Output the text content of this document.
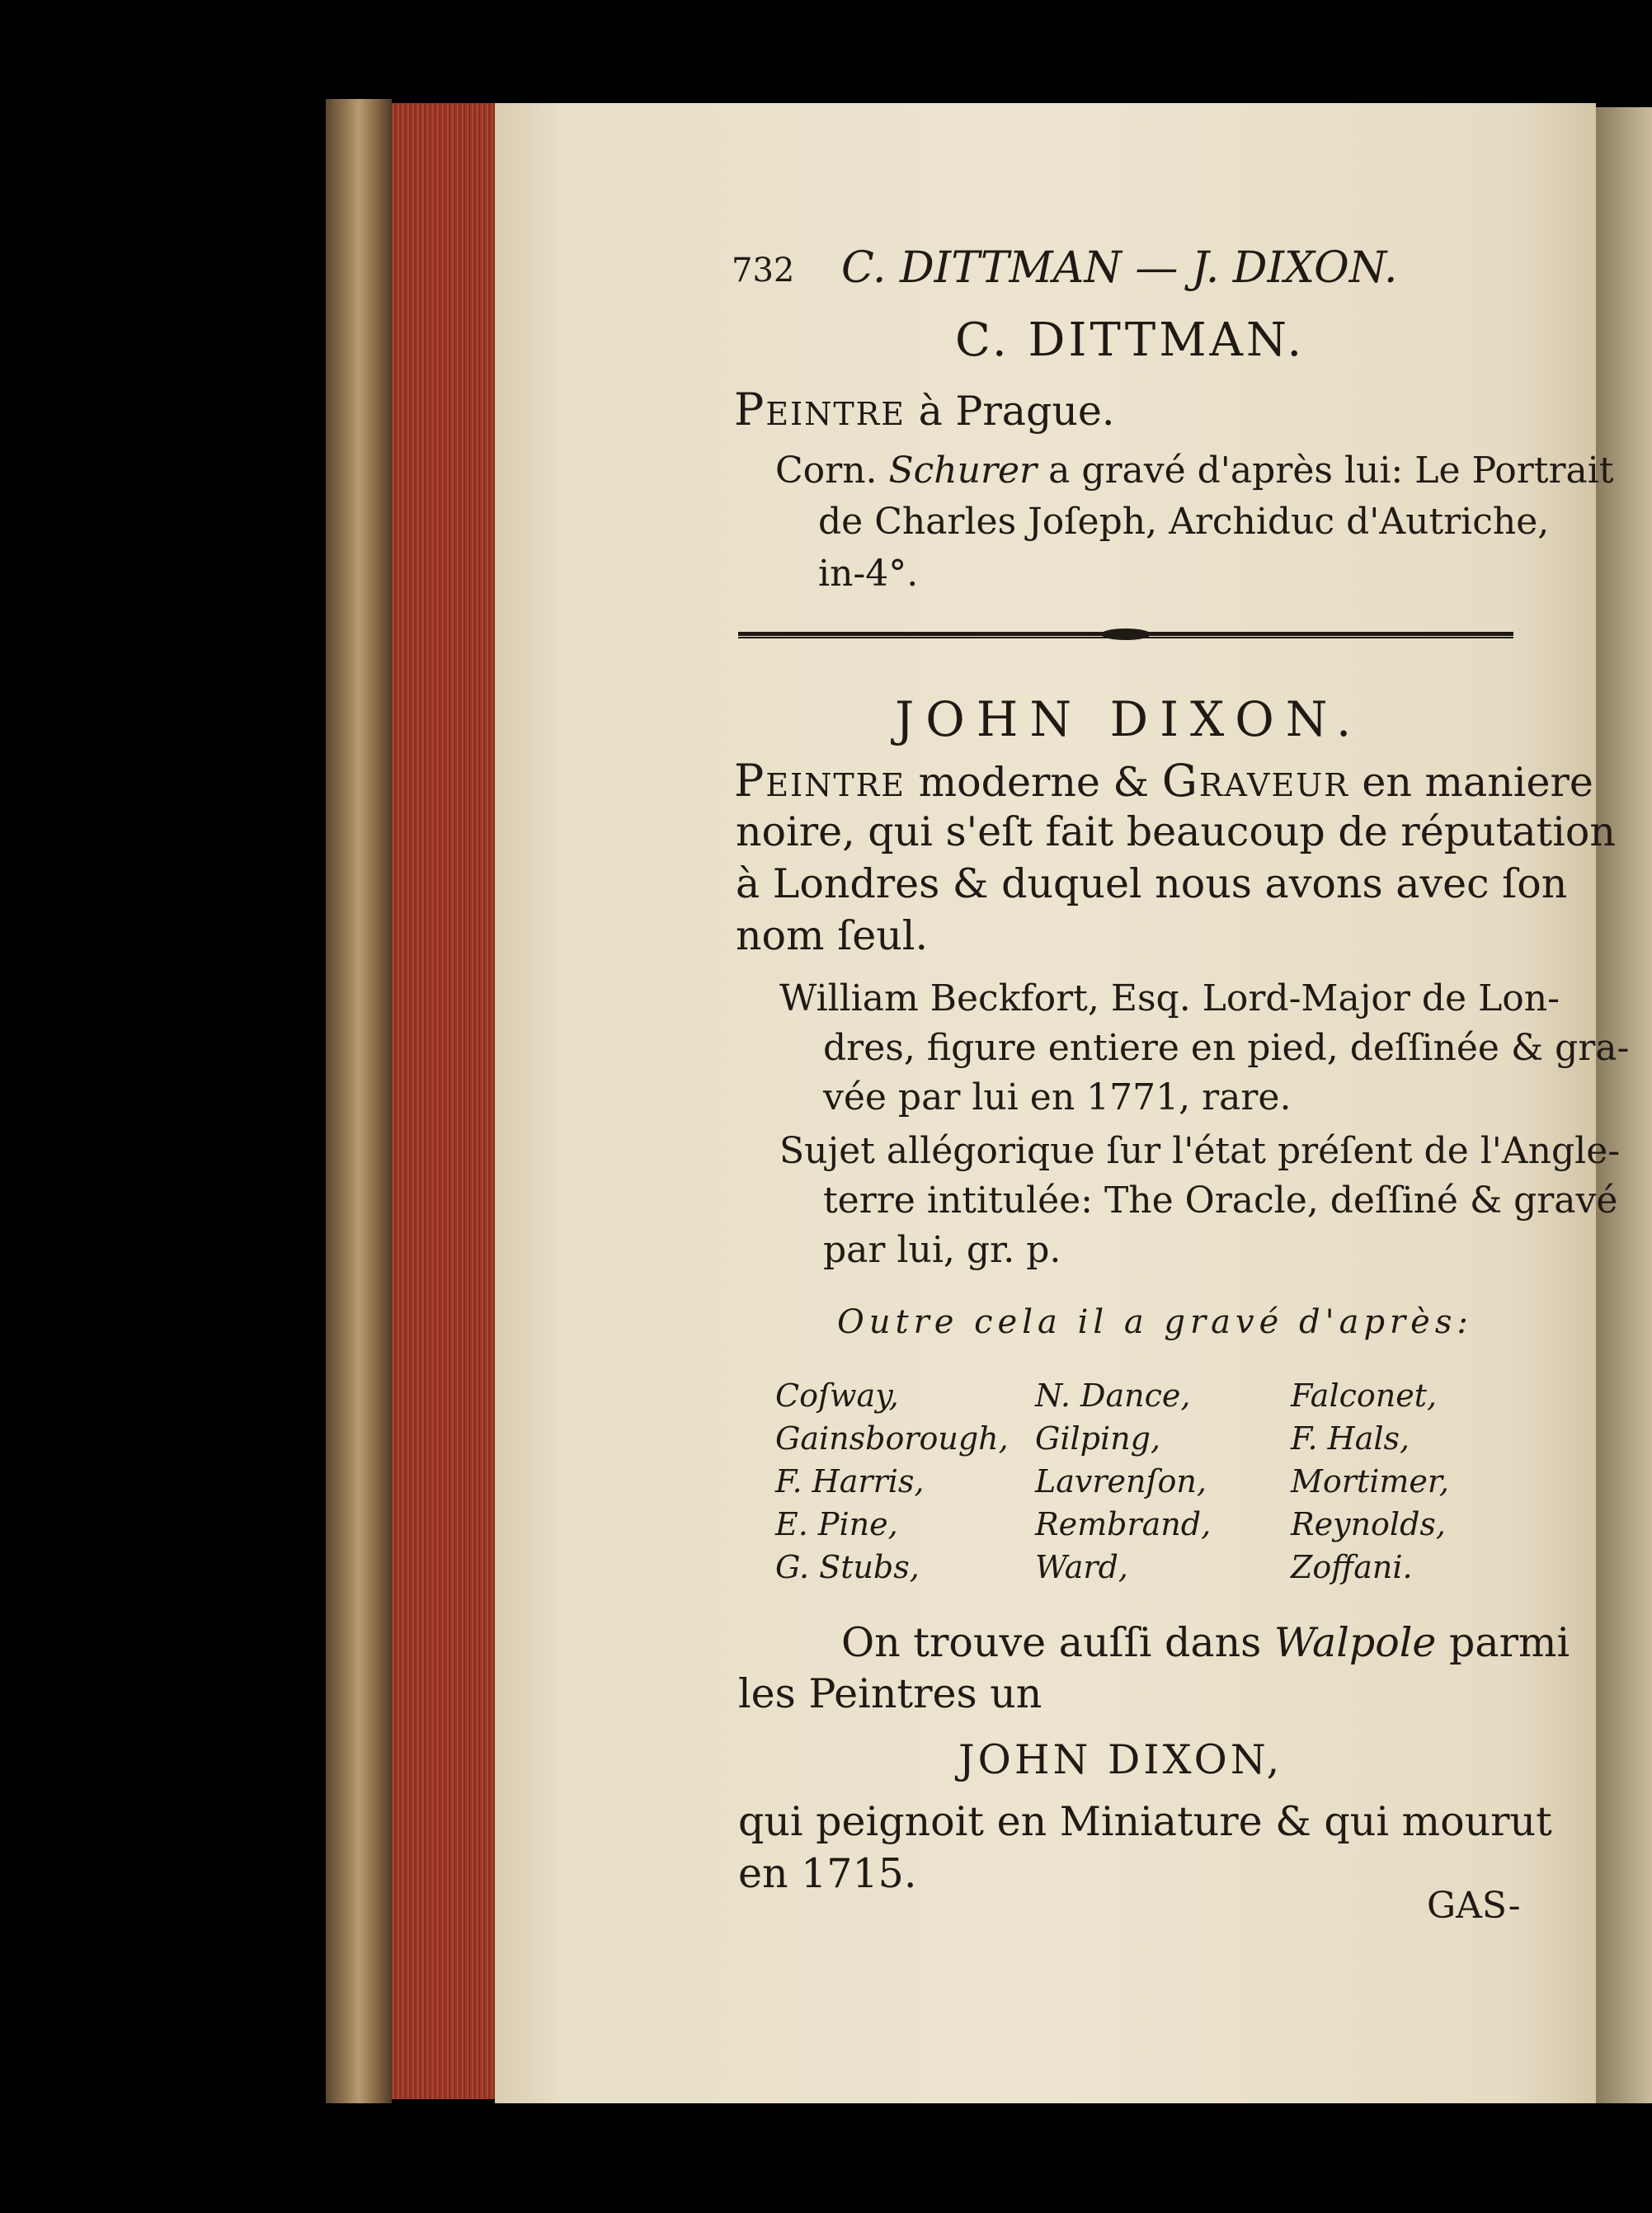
732 C. DITTMAN — J. DIXON.
C. DITTMAN.
Peintre à Prague.
Corn. Schurer a gravé d'après lui: Le Portrait
de Charles Joſeph, Archiduc d'Autriche,
in-4°.
JOHN DIXON.
Peintre moderne & Graveur en maniere
noire, qui s'eſt fait beaucoup de réputation
à Londres & duquel nous avons avec ſon
nom ſeul.
William Beckfort, Esq. Lord-Major de Lon-
dres, figure entiere en pied, deſſinée & gra-
vée par lui en 1771, rare.
Sujet allégorique ſur l'état préſent de l'Angle-
terre intitulée: The Oracle, deſſiné & gravé
par lui, gr. p.
Outre cela il a gravé d'après:
Coſway,	N. Dance,	Falconet,
Gainsborough, Gilping,	F. Hals,
F. Harris,	Lavrenſon,	Mortimer,
E. Pine,	Rembrand,	Reynolds,
G. Stubs,	Ward,	Zoffani.
On trouve auſſi dans Walpole parmi
les Peintres un
JOHN DIXON,
qui peignoit en Miniature & qui mourut
en 1715.
GAS-
